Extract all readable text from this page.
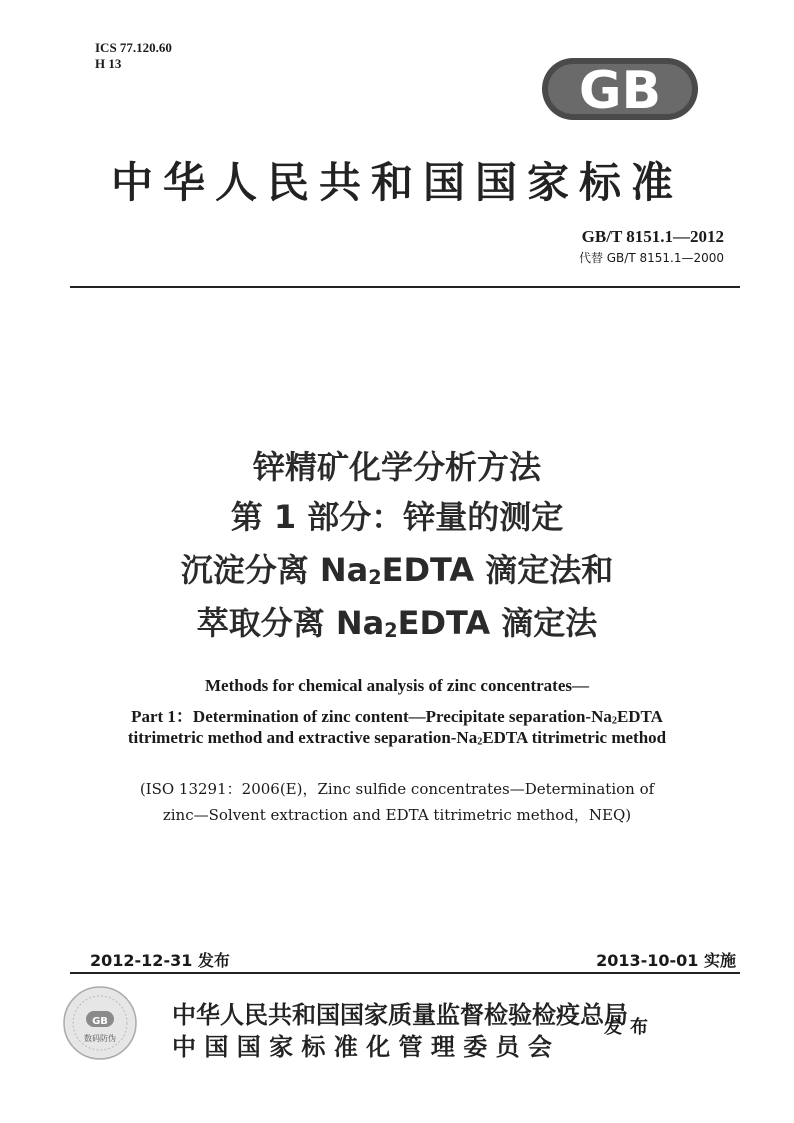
ICS 77.120.60
H 13	GB
中华人民共和国国家标准
GB/T 8151.1—2012
代替 GB/T 8151.1—2000
锌精矿化学分析方法
第 1 部分：锌量的测定
沉淀分离 $Na_2EDTA$ 滴定法和
萃取分离 $Na_2EDTA$ 滴定法
Methods for chemical analysis of zinc concentrates—
Part 1：Determination of zinc content—Precipitate separation-$Na_2EDTA$
titrimetric method and extractive separation-$Na_2EDTA$ titrimetric method
(ISO 13291：2006(E)，Zinc sulfide concentrates—Determination of
zinc—Solvent extraction and EDTA titrimetric method，NEQ)
2012-12-31 发布	2013-10-01 实施
GB
数码防伪
中华人民共和国国家质量监督检验检疫总局
中 国 国 家 标 准 化 管 理 委 员 会
发布
